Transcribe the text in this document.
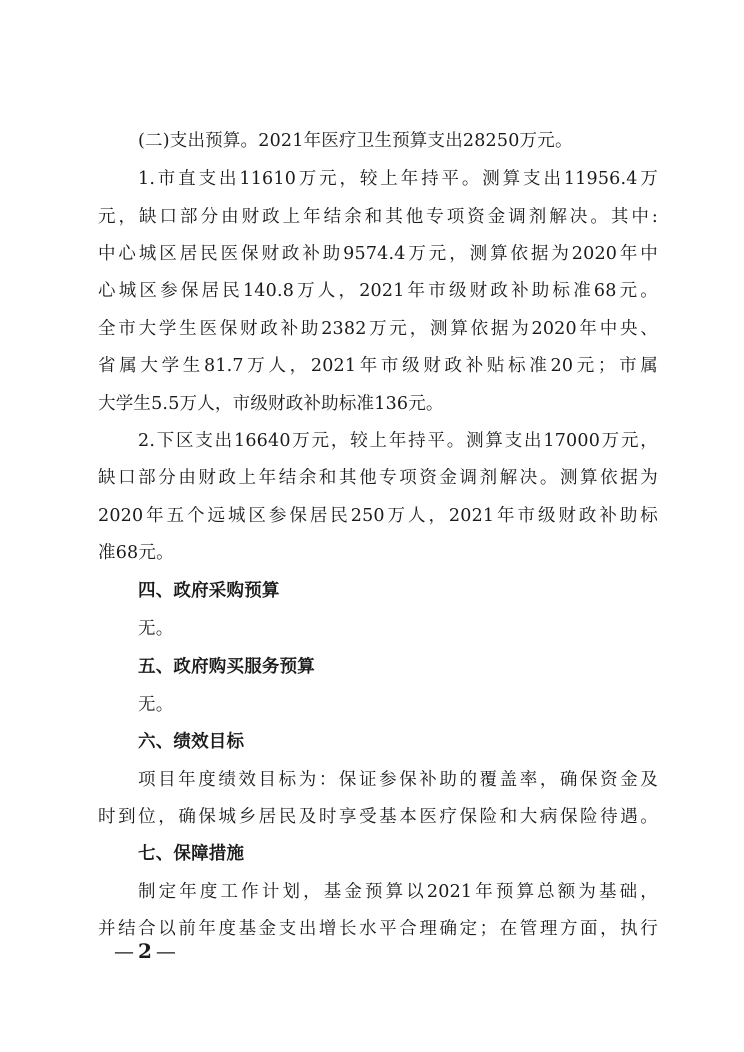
(二)支出预算。2021年医疗卫生预算支出28250万元。
1.市直支出11610万元，较上年持平。测算支出11956.4万
元，缺口部分由财政上年结余和其他专项资金调剂解决。其中:
中心城区居民医保财政补助9574.4万元，测算依据为2020年中
心城区参保居民140.8万人，2021年市级财政补助标准68元。
全市大学生医保财政补助2382万元，测算依据为2020年中央、
省属大学生81.7万人，2021年市级财政补贴标准20元；市属
大学生5.5万人，市级财政补助标准136元。
2.下区支出16640万元，较上年持平。测算支出17000万元，
缺口部分由财政上年结余和其他专项资金调剂解决。测算依据为
2020年五个远城区参保居民250万人，2021年市级财政补助标
准68元。
四、政府采购预算
无。
五、政府购买服务预算
无。
六、绩效目标
项目年度绩效目标为：保证参保补助的覆盖率，确保资金及
时到位，确保城乡居民及时享受基本医疗保险和大病保险待遇。
七、保障措施
制定年度工作计划，基金预算以2021年预算总额为基础，
并结合以前年度基金支出增长水平合理确定；在管理方面，执行
— 2 —
